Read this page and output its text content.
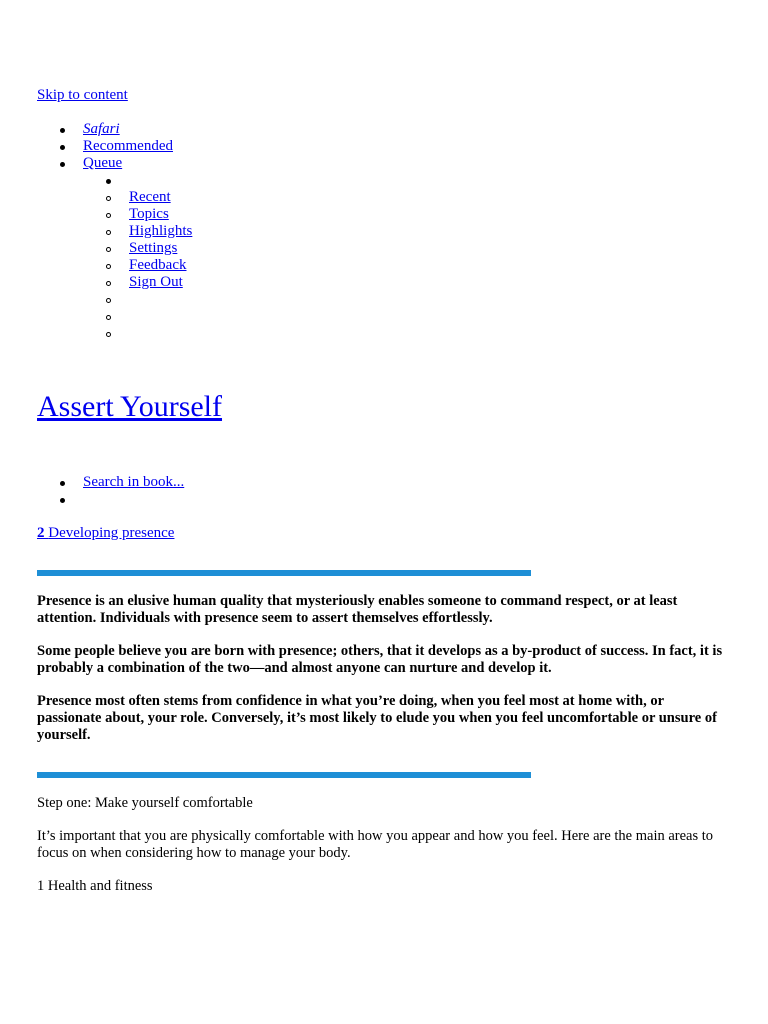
Skip to content
Safari
Recommended
Queue
Recent
Topics
Highlights
Settings
Feedback
Sign Out
Assert Yourself
Search in book...
2 Developing presence

Presence is an elusive human quality that mysteriously enables someone to command respect, or at least attention. Individuals with presence seem to assert themselves effortlessly.

Some people believe you are born with presence; others, that it develops as a by-product of success. In fact, it is probably a combination of the two—and almost anyone can nurture and develop it.

Presence most often stems from confidence in what you’re doing, when you feel most at home with, or passionate about, your role. Conversely, it’s most likely to elude you when you feel uncomfortable or unsure of yourself.

Step one: Make yourself comfortable

It’s important that you are physically comfortable with how you appear and how you feel. Here are the main areas to focus on when considering how to manage your body.

1 Health and fitness
